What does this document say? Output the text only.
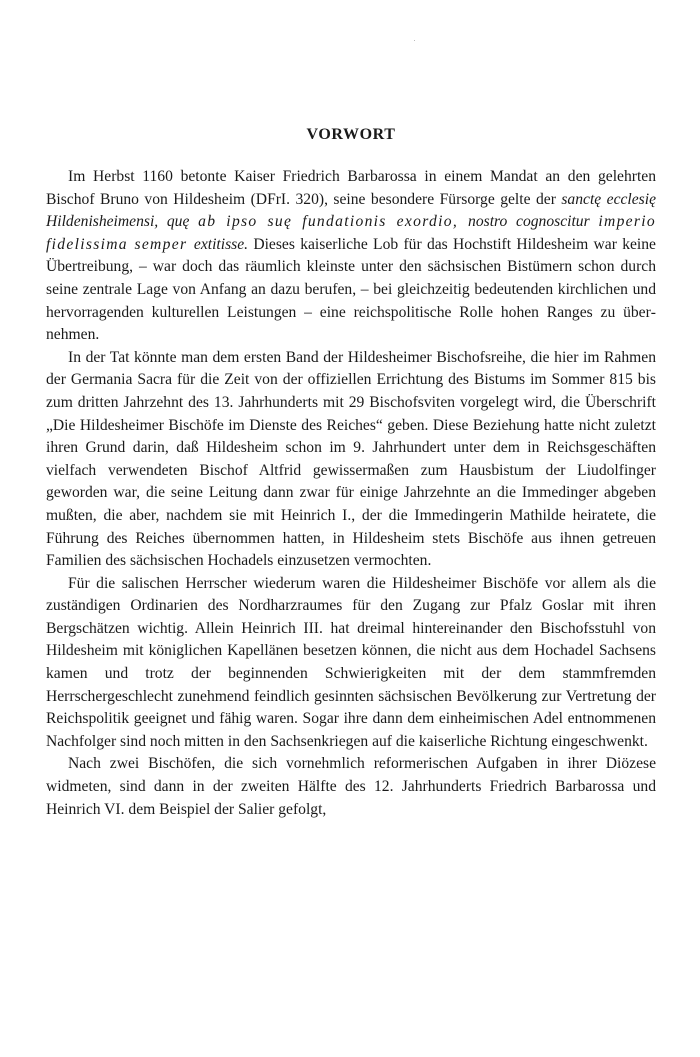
VORWORT

Im Herbst 1160 betonte Kaiser Friedrich Barbarossa in einem Mandat an den gelehrten Bischof Bruno von Hildesheim (DFrI. 320), seine besondere Fürsorge gelte der sanctę ecclesię Hildenisheimensi, quę ab ipso suę fundationis exordio, nostro cognoscitur imperio fidelissima semper extitisse. Dieses kaiserliche Lob für das Hochstift Hildesheim war keine Übertreibung, – war doch das räumlich kleinste unter den sächsischen Bistümern schon durch seine zentrale Lage von Anfang an dazu berufen, – bei gleichzeitig bedeutenden kirchlichen und hervorragenden kulturellen Leistungen – eine reichspolitische Rolle hohen Ranges zu übernehmen.

In der Tat könnte man dem ersten Band der Hildesheimer Bischofsreihe, die hier im Rahmen der Germania Sacra für die Zeit von der offiziellen Errichtung des Bistums im Sommer 815 bis zum dritten Jahrzehnt des 13. Jahrhunderts mit 29 Bischofsviten vorgelegt wird, die Überschrift „Die Hildesheimer Bischöfe im Dienste des Reiches“ geben. Diese Beziehung hatte nicht zuletzt ihren Grund darin, daß Hildesheim schon im 9. Jahrhundert unter dem in Reichsgeschäften vielfach verwendeten Bischof Altfrid gewissermaßen zum Hausbistum der Liudolfinger geworden war, die seine Leitung dann zwar für einige Jahrzehnte an die Immedinger abgeben mußten, die aber, nachdem sie mit Heinrich I., der die Immedingerin Mathilde heiratete, die Führung des Reiches übernommen hatten, in Hildesheim stets Bischöfe aus ihnen getreuen Familien des sächsischen Hochadels einzusetzen vermochten.

Für die salischen Herrscher wiederum waren die Hildesheimer Bischöfe vor allem als die zuständigen Ordinarien des Nordharzraumes für den Zugang zur Pfalz Goslar mit ihren Bergschätzen wichtig. Allein Heinrich III. hat dreimal hintereinander den Bischofsstuhl von Hildesheim mit königlichen Kapellänen besetzen können, die nicht aus dem Hochadel Sachsens kamen und trotz der beginnenden Schwierigkeiten mit der dem stammfremden Herrschergeschlecht zunehmend feindlich gesinnten sächsischen Bevölkerung zur Vertretung der Reichspolitik geeignet und fähig waren. Sogar ihre dann dem einheimischen Adel entnommenen Nachfolger sind noch mitten in den Sachsenkriegen auf die kaiserliche Richtung eingeschwenkt.

Nach zwei Bischöfen, die sich vornehmlich reformerischen Aufgaben in ihrer Diözese widmeten, sind dann in der zweiten Hälfte des 12. Jahrhunderts Friedrich Barbarossa und Heinrich VI. dem Beispiel der Salier gefolgt,
